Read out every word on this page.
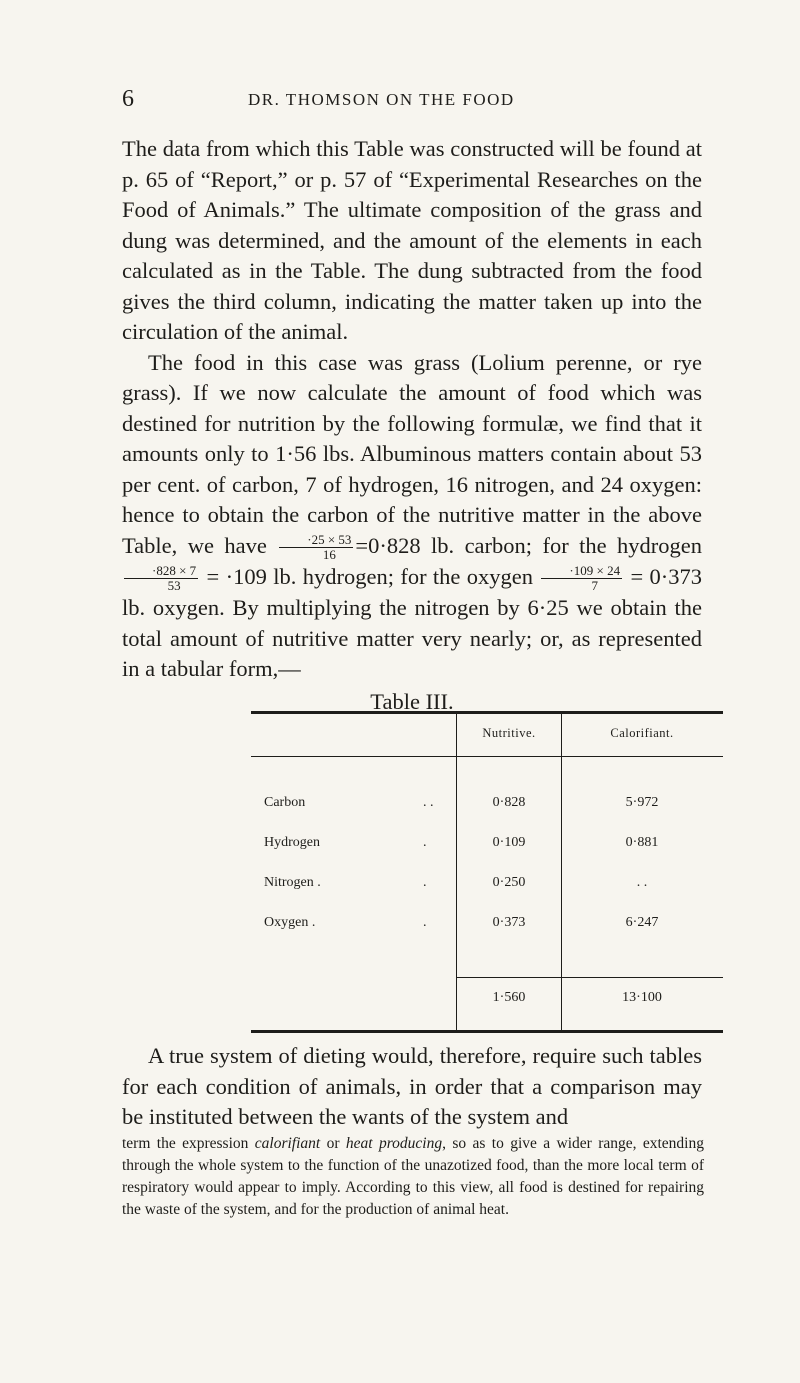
6	DR. THOMSON ON THE FOOD

The data from which this Table was constructed will be found at p. 65 of “Report,” or p. 57 of “Experimental Researches on the Food of Animals.” The ultimate composition of the grass and dung was determined, and the amount of the elements in each calculated as in the Table. The dung subtracted from the food gives the third column, indicating the matter taken up into the circulation of the animal.

The food in this case was grass (Lolium perenne, or rye grass). If we now calculate the amount of food which was destined for nutrition by the following formulæ, we find that it amounts only to 1·56 lbs. Albuminous matters contain about 53 per cent. of carbon, 7 of hydrogen, 16 nitrogen, and 24 oxygen: hence to obtain the carbon of the nutritive matter in the above Table, we have $\frac{\cdot 25 \times 53}{16} =0\cdot 828$ lb. carbon; for the hydrogen
$\frac{\cdot 828 \times 7}{53} = \cdot 109$ lb. hydrogen; for the oxygen $\frac{\cdot 109 \times 24}{7} = 0\cdot 373$ lb. oxygen. By multiplying the nitrogen by 6·25 we obtain the total amount of nutritive matter very nearly; or, as represented in a tabular form,—

Table III.
Nutritive.	Calorifiant.
Carbon	. .	0·828	5·972
Hydrogen	.	0·109	0·881
Nitrogen .	.	0·250	. .
Oxygen .	.	0·373	6·247
1·560	13·100

A true system of dieting would, therefore, require such tables for each condition of animals, in order that a comparison may be instituted between the wants of the system and

term the expression calorifiant or heat producing, so as to give a wider range, extending through the whole system to the function of the unazotized food, than the more local term of respiratory would appear to imply. According to this view, all food is destined for repairing the waste of the system, and for the production of animal heat.
